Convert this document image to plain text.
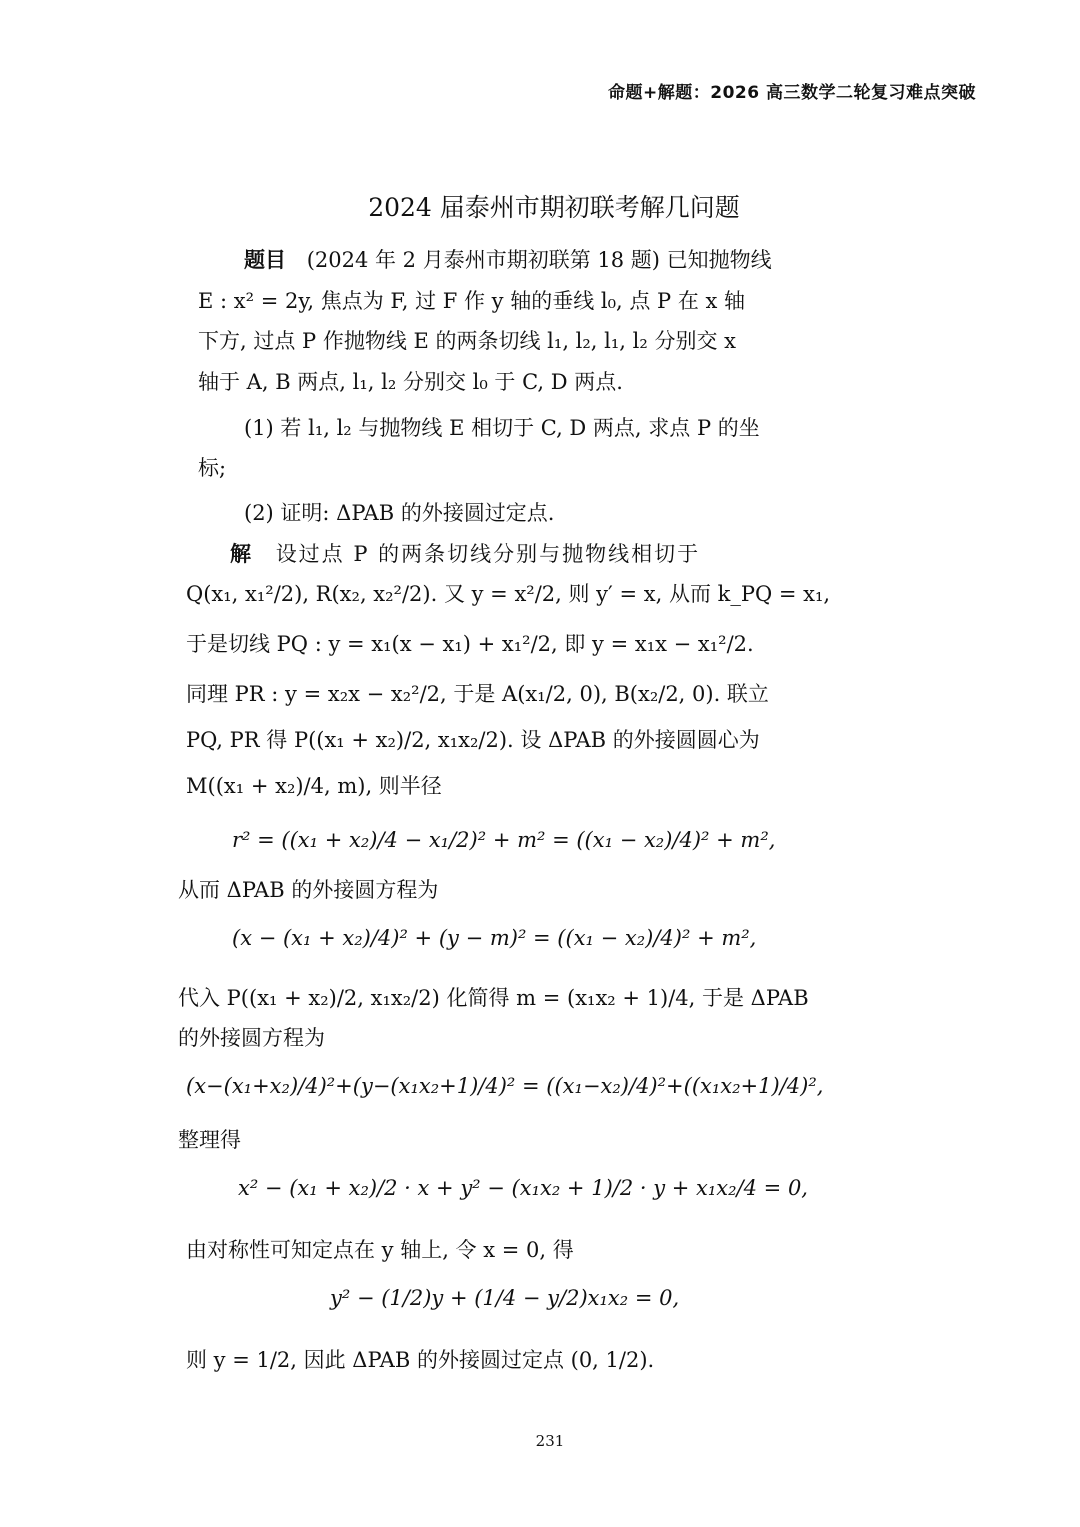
命题+解题：2026 高三数学二轮复习难点突破
2024 届泰州市期初联考解几问题
题目 (2024 年 2 月泰州市期初联第 18 题) 已知抛物线
E : x² = 2y, 焦点为 F, 过 F 作 y 轴的垂线 l₀, 点 P 在 x 轴
下方, 过点 P 作抛物线 E 的两条切线 l₁, l₂, l₁, l₂ 分别交 x
轴于 A, B 两点, l₁, l₂ 分别交 l₀ 于 C, D 两点.
(1) 若 l₁, l₂ 与抛物线 E 相切于 C, D 两点, 求点 P 的坐
标;
(2) 证明: ΔPAB 的外接圆过定点.
解 设过点 P 的两条切线分别与抛物线相切于
Q(x₁, x₁²/2), R(x₂, x₂²/2). 又 y = x²/2, 则 y′ = x, 从而 k_PQ = x₁,
于是切线 PQ : y = x₁(x − x₁) + x₁²/2, 即 y = x₁x − x₁²/2.
同理 PR : y = x₂x − x₂²/2, 于是 A(x₁/2, 0), B(x₂/2, 0). 联立
PQ, PR 得 P((x₁ + x₂)/2, x₁x₂/2). 设 ΔPAB 的外接圆圆心为
M((x₁ + x₂)/4, m), 则半径
r² = ((x₁ + x₂)/4 − x₁/2)² + m² = ((x₁ − x₂)/4)² + m²,
从而 ΔPAB 的外接圆方程为
(x − (x₁ + x₂)/4)² + (y − m)² = ((x₁ − x₂)/4)² + m²,
代入 P((x₁ + x₂)/2, x₁x₂/2) 化简得 m = (x₁x₂ + 1)/4, 于是 ΔPAB
的外接圆方程为
(x−(x₁+x₂)/4)²+(y−(x₁x₂+1)/4)² = ((x₁−x₂)/4)²+((x₁x₂+1)/4)²,
整理得
x² − (x₁ + x₂)/2 · x + y² − (x₁x₂ + 1)/2 · y + x₁x₂/4 = 0,
由对称性可知定点在 y 轴上, 令 x = 0, 得
y² − (1/2)y + (1/4 − y/2)x₁x₂ = 0,
则 y = 1/2, 因此 ΔPAB 的外接圆过定点 (0, 1/2).
231
